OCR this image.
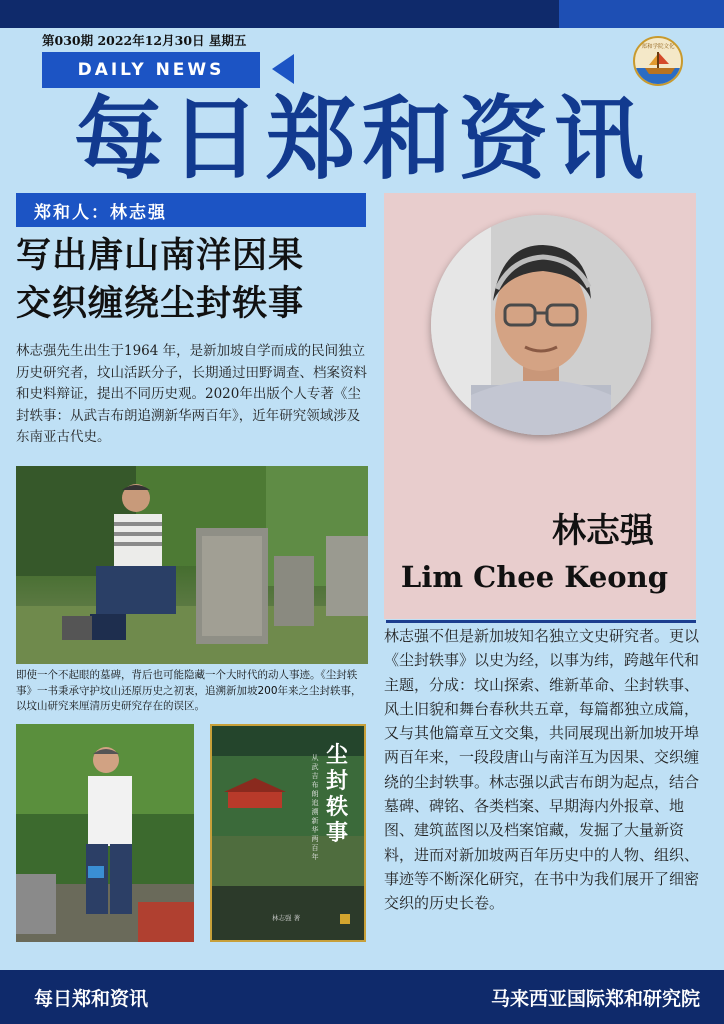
第030期 2022年12月30日 星期五
DAILY NEWS
郑和学院文化
每日郑和资讯
郑和人：林志强
写出唐山南洋因果
交织缠绕尘封轶事
林志强先生出生于1964 年，是新加坡自学而成的民间独立历史研究者，坟山活跃分子，长期通过田野调查、档案资料和史料辩证，提出不同历史观。2020年出版个人专著《尘封轶事：从武吉布朗追溯新华两百年》，近年研究领域涉及东南亚古代史。
即使一个不起眼的墓碑，背后也可能隐藏一个大时代的动人事迹。《尘封轶事》一书秉承守护坟山还原历史之初衷，追溯新加坡200年来之尘封轶事，以坟山研究来厘清历史研究存在的误区。
尘封轶事
从武吉布朗追溯新华两百年
林志强 著
林志强
Lim Chee Keong
林志强不但是新加坡知名独立文史研究者。更以《尘封轶事》以史为经，以事为纬，跨越年代和主题，分成：坟山探索、维新革命、尘封轶事、风土旧貌和舞台春秋共五章，每篇都独立成篇，又与其他篇章互文交集，共同展现出新加坡开埠两百年来，一段段唐山与南洋互为因果、交织缠绕的尘封轶事。林志强以武吉布朗为起点，结合墓碑、碑铭、各类档案、早期海内外报章、地图、建筑蓝图以及档案馆藏，发掘了大量新资料，进而对新加坡两百年历史中的人物、组织、事迹等不断深化研究，在书中为我们展开了细密交织的历史长卷。
每日郑和资讯	马来西亚国际郑和研究院
